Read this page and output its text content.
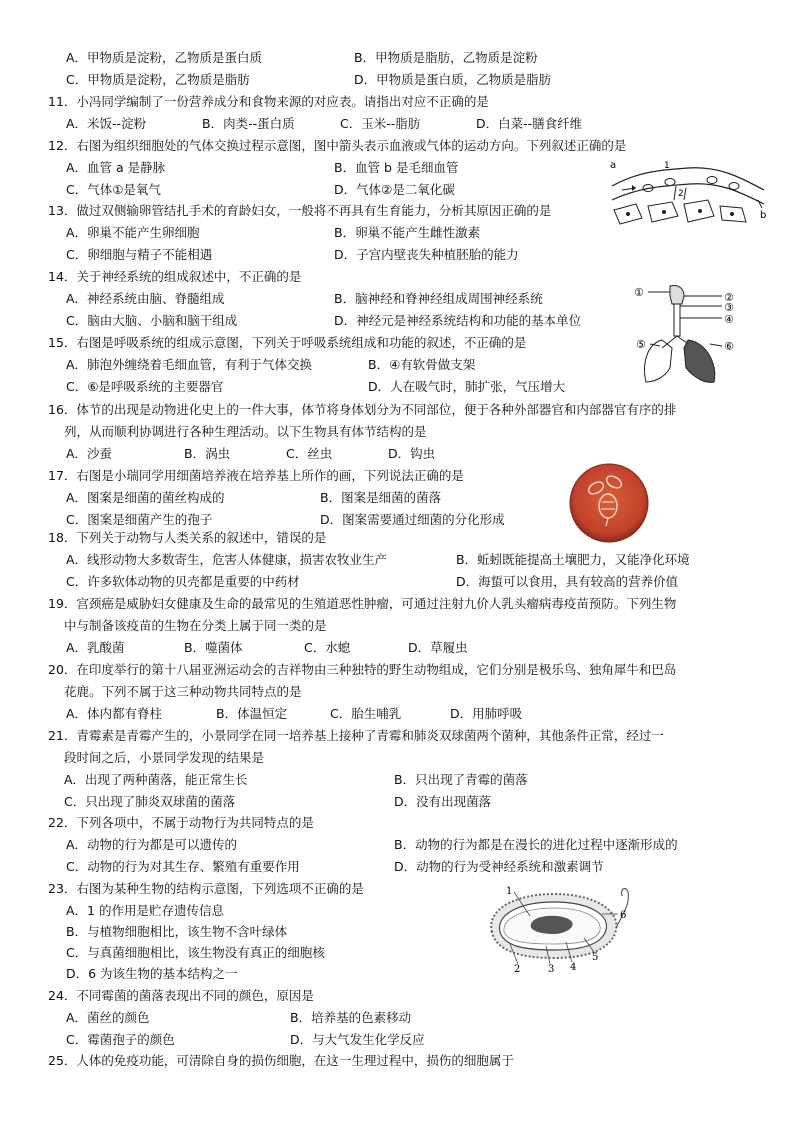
A．甲物质是淀粉，乙物质是蛋白质	B．甲物质是脂肪，乙物质是淀粉
C．甲物质是淀粉，乙物质是脂肪	D．甲物质是蛋白质，乙物质是脂肪
11．小冯同学编制了一份营养成分和食物来源的对应表。请指出对应不正确的是
A．米饭--淀粉	B．肉类--蛋白质	C．玉米--脂肪	D．白菜--膳食纤维
12．右图为组织细胞处的气体交换过程示意图，图中箭头表示血液或气体的运动方向。下列叙述正确的是
A．血管 a 是静脉	B．血管 b 是毛细血管
C．气体①是氧气	D．气体②是二氧化碳
a
b
1
2
13．做过双侧输卵管结扎手术的育龄妇女，一般将不再具有生育能力，分析其原因正确的是
A．卵巢不能产生卵细胞	B．卵巢不能产生雌性激素
C．卵细胞与精子不能相遇	D．子宫内壁丧失种植胚胎的能力
14．关于神经系统的组成叙述中，不正确的是
A．神经系统由脑、脊髓组成	B．脑神经和脊神经组成周围神经系统
C．脑由大脑、小脑和脑干组成	D．神经元是神经系统结构和功能的基本单位
①	②
③
④
⑤	⑥
15．右图是呼吸系统的组成示意图，下列关于呼吸系统组成和功能的叙述，不正确的是
A．肺泡外缠绕着毛细血管，有利于气体交换	B．④有软骨做支架
C．⑥是呼吸系统的主要器官	D．人在吸气时，肺扩张，气压增大
16．体节的出现是动物进化史上的一件大事，体节将身体划分为不同部位，便于各种外部器官和内部器官有序的排
列，从而顺利协调进行各种生理活动。以下生物具有体节结构的是
A．沙蚕	B．涡虫	C．丝虫	D．钩虫
17．右图是小瑞同学用细菌培养液在培养基上所作的画，下列说法正确的是
A．图案是细菌的菌丝构成的	B．图案是细菌的菌落
C．图案是细菌产生的孢子	D．图案需要通过细菌的分化形成
18．下列关于动物与人类关系的叙述中，错误的是
A．线形动物大多数寄生，危害人体健康，损害农牧业生产	B．蚯蚓既能提高土壤肥力，又能净化环境
C．许多软体动物的贝壳都是重要的中药材	D．海蜇可以食用，具有较高的营养价值
19．宫颈癌是威胁妇女健康及生命的最常见的生殖道恶性肿瘤，可通过注射九价人乳头瘤病毒疫苗预防。下列生物
中与制备该疫苗的生物在分类上属于同一类的是
A．乳酸菌	B．噬菌体	C．水螅	D．草履虫
20．在印度举行的第十八届亚洲运动会的吉祥物由三种独特的野生动物组成，它们分别是极乐鸟、独角犀牛和巴岛
花鹿。下列不属于这三种动物共同特点的是
A．体内都有脊柱	B．体温恒定	C．胎生哺乳	D．用肺呼吸
21．青霉素是青霉产生的，小景同学在同一培养基上接种了青霉和肺炎双球菌两个菌种，其他条件正常，经过一
段时间之后，小景同学发现的结果是
A．出现了两种菌落，能正常生长	B．只出现了青霉的菌落
C．只出现了肺炎双球菌的菌落	D．没有出现菌落
22．下列各项中，不属于动物行为共同特点的是
A．动物的行为都是可以遗传的	B．动物的行为都是在漫长的进化过程中逐渐形成的
C．动物的行为对其生存、繁殖有重要作用	D．动物的行为受神经系统和激素调节
23．右图为某种生物的结构示意图，下列选项不正确的是
A．1 的作用是贮存遗传信息
B．与植物细胞相比，该生物不含叶绿体
C．与真菌细胞相比，该生物没有真正的细胞核
D．6 为该生物的基本结构之一
1
2	3 4
5
6
24．不同霉菌的菌落表现出不同的颜色，原因是
A．菌丝的颜色	B．培养基的色素移动
C．霉菌孢子的颜色	D．与大气发生化学反应
25．人体的免疫功能，可清除自身的损伤细胞，在这一生理过程中，损伤的细胞属于
